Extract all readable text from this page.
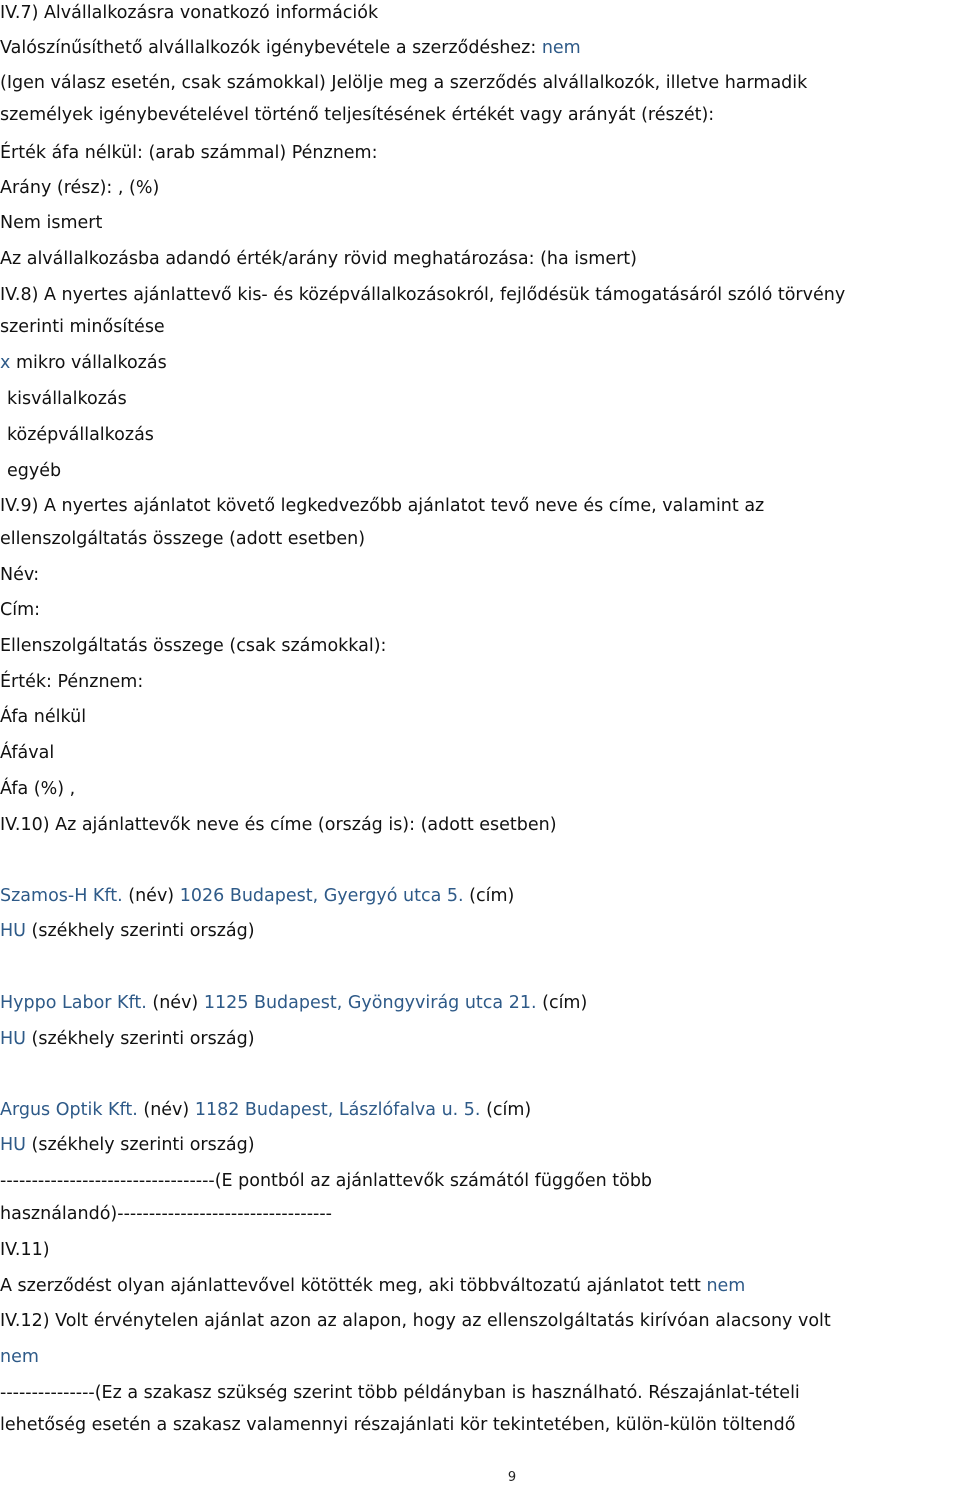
IV.7) Alvállalkozásra vonatkozó információk
Valószínűsíthető alvállalkozók igénybevétele a szerződéshez: nem
(Igen válasz esetén, csak számokkal) Jelölje meg a szerződés alvállalkozók, illetve harmadik
személyek igénybevételével történő teljesítésének értékét vagy arányát (részét):
Érték áfa nélkül: (arab számmal) Pénznem:
Arány (rész): , (%)
Nem ismert
Az alvállalkozásba adandó érték/arány rövid meghatározása: (ha ismert)
IV.8) A nyertes ajánlattevő kis- és középvállalkozásokról, fejlődésük támogatásáról szóló törvény
szerinti minősítése
x mikro vállalkozás
kisvállalkozás
középvállalkozás
egyéb
IV.9) A nyertes ajánlatot követő legkedvezőbb ajánlatot tevő neve és címe, valamint az
ellenszolgáltatás összege (adott esetben)
Név:
Cím:
Ellenszolgáltatás összege (csak számokkal):
Érték: Pénznem:
Áfa nélkül
Áfával
Áfa (%) ,
IV.10) Az ajánlattevők neve és címe (ország is): (adott esetben)
Szamos-H Kft. (név) 1026 Budapest, Gyergyó utca 5. (cím)
HU (székhely szerinti ország)
Hyppo Labor Kft. (név) 1125 Budapest, Gyöngyvirág utca 21. (cím)
HU (székhely szerinti ország)
Argus Optik Kft. (név) 1182 Budapest, Lászlófalva u. 5. (cím)
HU (székhely szerinti ország)
----------------------------------(E pontból az ajánlattevők számától függően több
használandó)----------------------------------
IV.11)
A szerződést olyan ajánlattevővel kötötték meg, aki többváltozatú ajánlatot tett nem
IV.12) Volt érvénytelen ajánlat azon az alapon, hogy az ellenszolgáltatás kirívóan alacsony volt
nem
---------------(Ez a szakasz szükség szerint több példányban is használható. Részajánlat-tételi
lehetőség esetén a szakasz valamennyi részajánlati kör tekintetében, külön-külön töltendő
9
